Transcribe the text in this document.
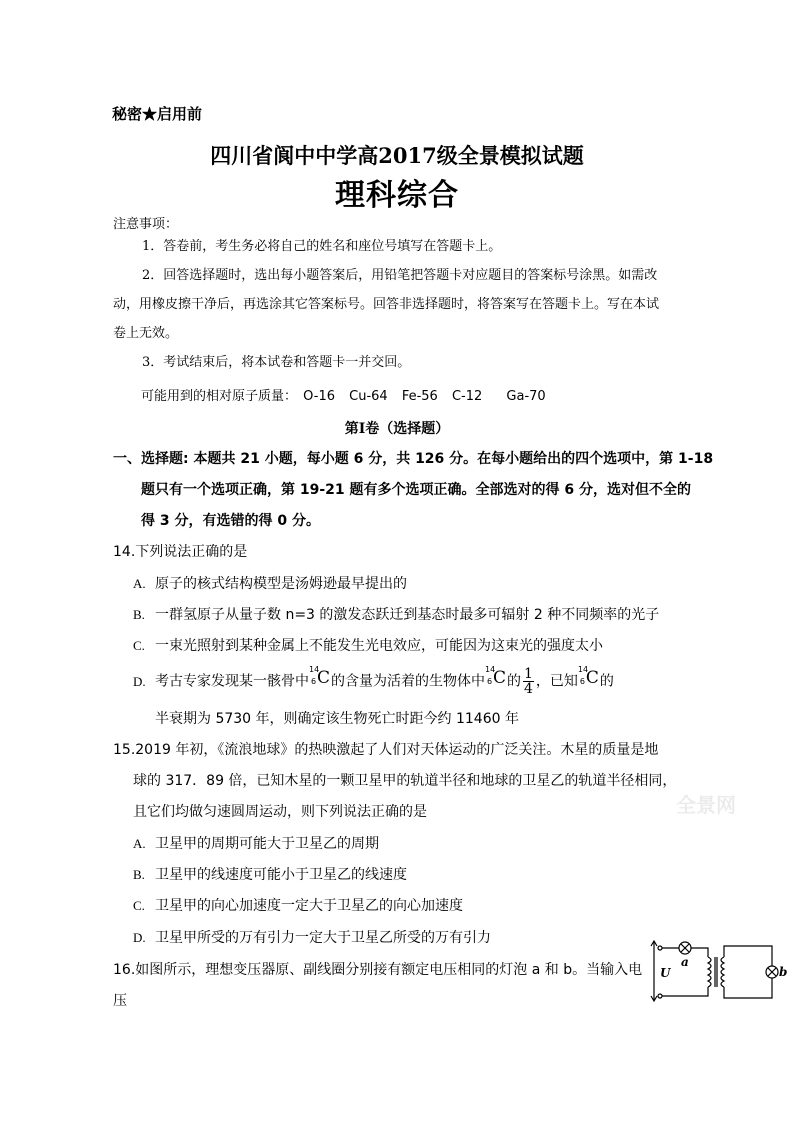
秘密★启用前
四川省阆中中学高2017级全景模拟试题
理科综合
注意事项：
1．答卷前，考生务必将自己的姓名和座位号填写在答题卡上。
2．回答选择题时，选出每小题答案后，用铅笔把答题卡对应题目的答案标号涂黑。如需改动，用橡皮擦干净后，再选涂其它答案标号。回答非选择题时，将答案写在答题卡上。写在本试卷上无效。
3．考试结束后，将本试卷和答题卡一并交回。
可能用到的相对原子质量： O-16 Cu-64 Fe-56 C-12 Ga-70
第Ⅰ卷（选择题）
一、选择题: 本题共 21 小题，每小题 6 分，共 126 分。在每小题给出的四个选项中，第 1-18
题只有一个选项正确，第 19-21 题有多个选项正确。全部选对的得 6 分，选对但不全的
得 3 分，有选错的得 0 分。
14.下列说法正确的是
A. 原子的核式结构模型是汤姆逊最早提出的
B. 一群氢原子从量子数 n=3 的激发态跃迁到基态时最多可辐射 2 种不同频率的光子
C. 一束光照射到某种金属上不能发生光电效应，可能因为这束光的强度太小
D. 考古专家发现某一骸骨中
14
6 C 的含量为活着的生物体中
14
6 C 的 $\frac{1}{4}$ ，已知
14
6 C 的
半衰期为 5730 年，则确定该生物死亡时距今约 11460 年
15.2019 年初，《流浪地球》的热映激起了人们对天体运动的广泛关注。木星的质量是地
球的 317．89 倍，已知木星的一颗卫星甲的轨道半径和地球的卫星乙的轨道半径相同，
且它们均做匀速圆周运动，则下列说法正确的是	全景网
A. 卫星甲的周期可能大于卫星乙的周期
B. 卫星甲的线速度可能小于卫星乙的线速度
C. 卫星甲的向心加速度一定大于卫星乙的向心加速度
D. 卫星甲所受的万有引力一定大于卫星乙所受的万有引力
16.如图所示，理想变压器原、副线圈分别接有额定电压相同的灯泡 a 和 b。当输入电
压
U
a
b
